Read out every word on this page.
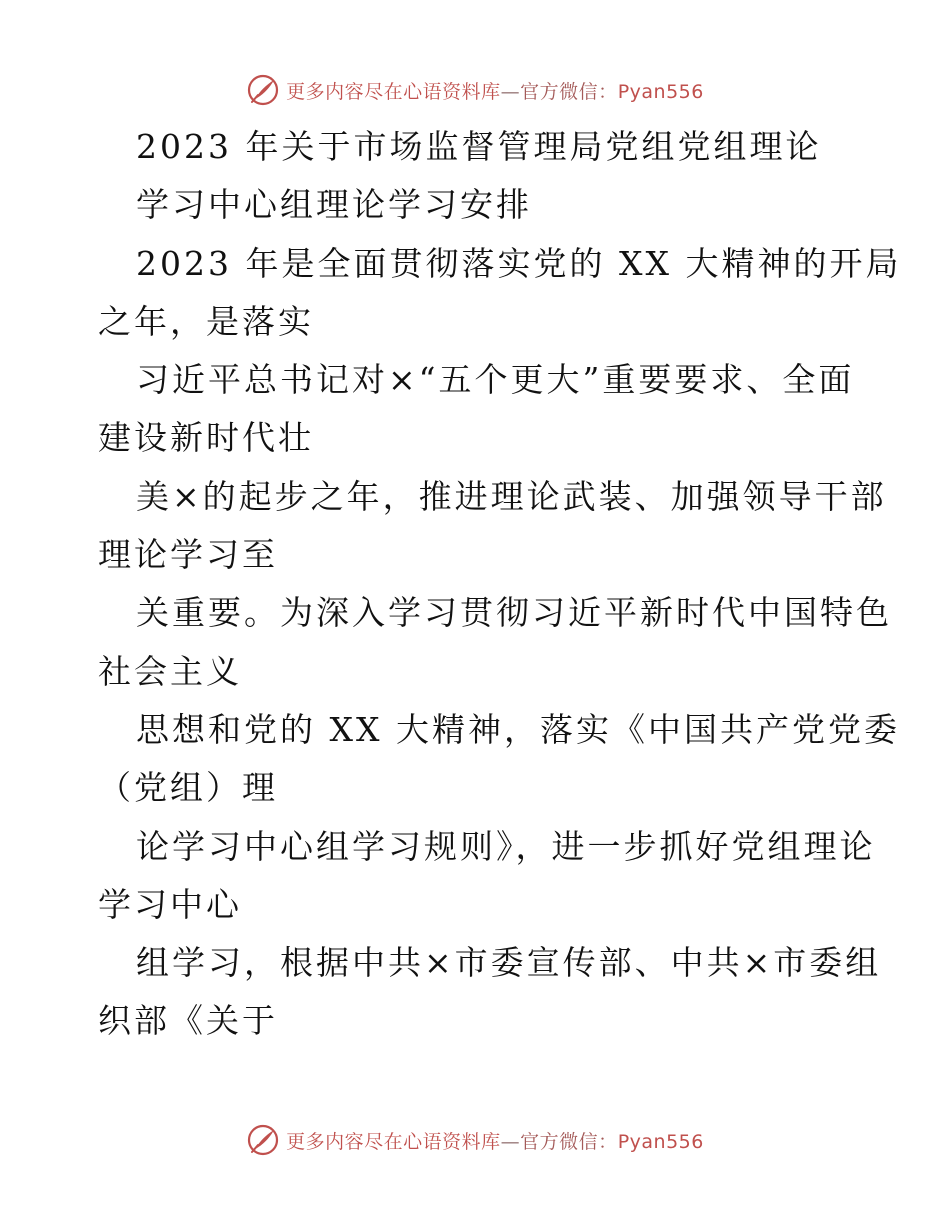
更多内容尽在心语资料库—官方微信：Pyan556
2023 年关于市场监督管理局党组党组理论
学习中心组理论学习安排
2023 年是全面贯彻落实党的 XX 大精神的开局
之年，是落实
习近平总书记对×“五个更大”重要要求、全面
建设新时代壮
美×的起步之年，推进理论武装、加强领导干部
理论学习至
关重要。为深入学习贯彻习近平新时代中国特色
社会主义
思想和党的 XX 大精神，落实《中国共产党党委
（党组）理
论学习中心组学习规则》，进一步抓好党组理论
学习中心
组学习，根据中共×市委宣传部、中共×市委组
织部《关于
更多内容尽在心语资料库—官方微信：Pyan556
